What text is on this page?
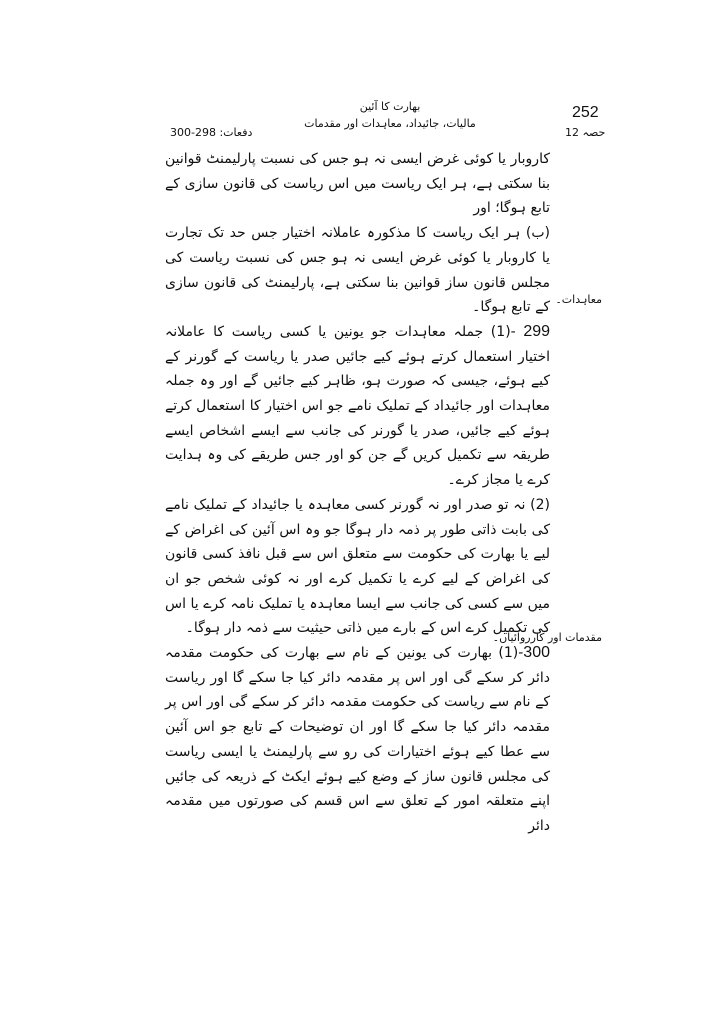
252
بھارت کا آئین
مالیات، جائیداد، معاہدات اور مقدمات
حصہ 12
دفعات: 298-300
معاہدات۔
مقدمات اور کارروائیاں۔

کاروبار یا کوئی غرض ایسی نہ ہو جس کی نسبت پارلیمنٹ قوانین بنا سکتی ہے، ہر ایک ریاست میں اس ریاست کی قانون سازی کے تابع ہوگا؛ اور

(ب) ہر ایک ریاست کا مذکورہ عاملانہ اختیار جس حد تک تجارت یا کاروبار یا کوئی غرض ایسی نہ ہو جس کی نسبت ریاست کی مجلس قانون ساز قوانین بنا سکتی ہے، پارلیمنٹ کی قانون سازی کے تابع ہوگا۔

299 -(1) جملہ معاہدات جو یونین یا کسی ریاست کا عاملانہ اختیار استعمال کرتے ہوئے کیے جائیں صدر یا ریاست کے گورنر کے کیے ہوئے، جیسی کہ صورت ہو، ظاہر کیے جائیں گے اور وہ جملہ معاہدات اور جائیداد کے تملیک نامے جو اس اختیار کا استعمال کرتے ہوئے کیے جائیں، صدر یا گورنر کی جانب سے ایسے اشخاص ایسے طریقہ سے تکمیل کریں گے جن کو اور جس طریقے کی وہ ہدایت کرے یا مجاز کرے۔

(2) نہ تو صدر اور نہ گورنر کسی معاہدہ یا جائیداد کے تملیک نامے کی بابت ذاتی طور پر ذمہ دار ہوگا جو وہ اس آئین کی اغراض کے لیے یا بھارت کی حکومت سے متعلق اس سے قبل نافذ کسی قانون کی اغراض کے لیے کرے یا تکمیل کرے اور نہ کوئی شخص جو ان میں سے کسی کی جانب سے ایسا معاہدہ یا تملیک نامہ کرے یا اس کی تکمیل کرے اس کے بارے میں ذاتی حیثیت سے ذمہ دار ہوگا۔

300-(1) بھارت کی یونین کے نام سے بھارت کی حکومت مقدمہ دائر کر سکے گی اور اس پر مقدمہ دائر کیا جا سکے گا اور ریاست کے نام سے ریاست کی حکومت مقدمہ دائر کر سکے گی اور اس پر مقدمہ دائر کیا جا سکے گا اور ان توضیحات کے تابع جو اس آئین سے عطا کیے ہوئے اختیارات کی رو سے پارلیمنٹ یا ایسی ریاست کی مجلس قانون ساز کے وضع کیے ہوئے ایکٹ کے ذریعہ کی جائیں اپنے متعلقہ امور کے تعلق سے اس قسم کی صورتوں میں مقدمہ دائر
